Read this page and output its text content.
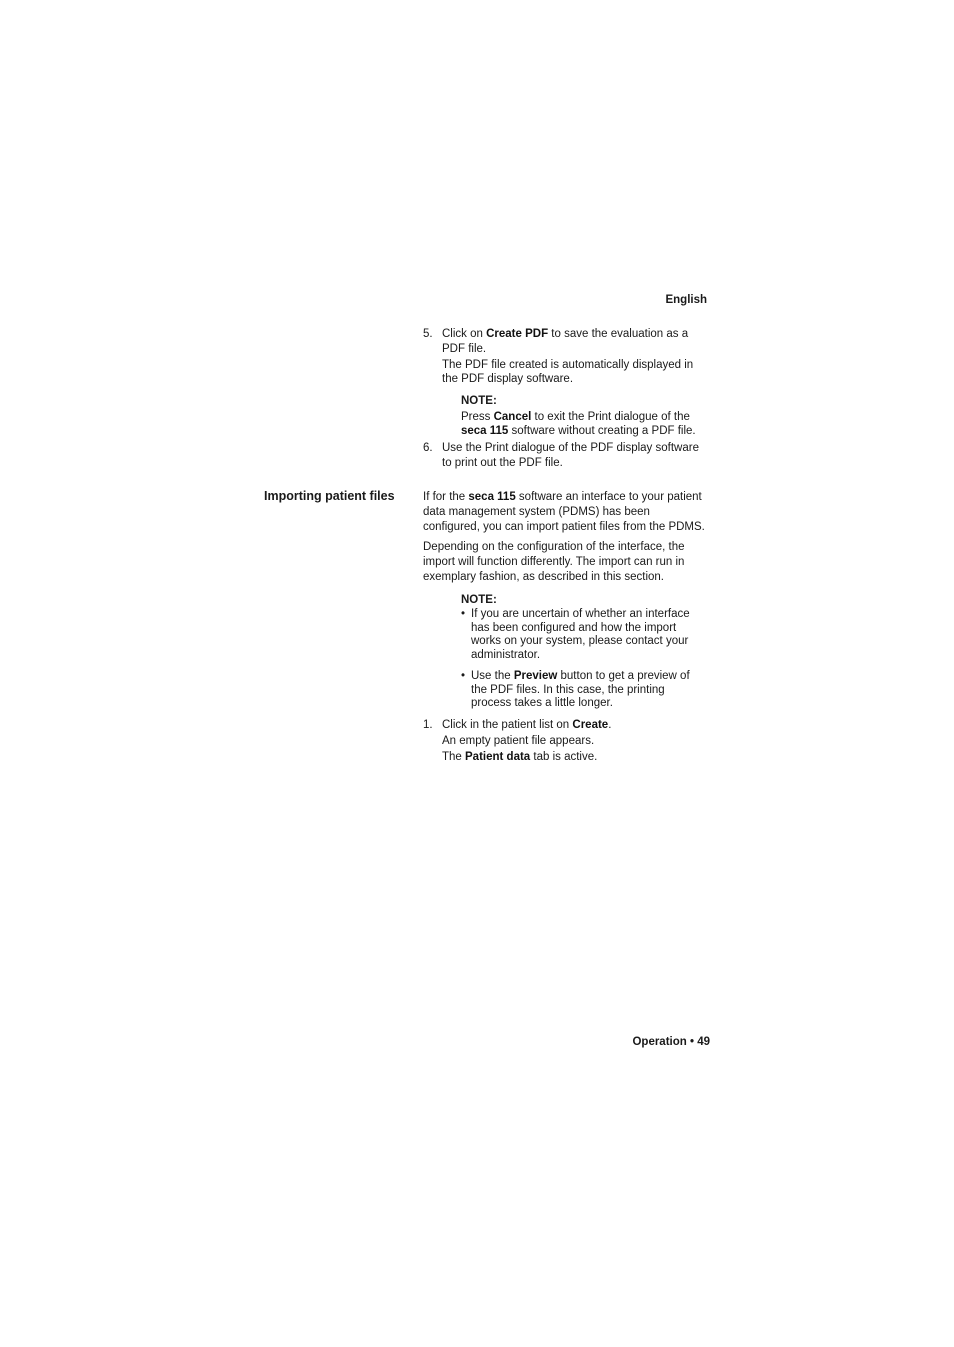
English
5. Click on Create PDF to save the evaluation as a
PDF file.
The PDF file created is automatically displayed in
the PDF display software.
NOTE:
Press Cancel to exit the Print dialogue of the
seca 115 software without creating a PDF file.
6. Use the Print dialogue of the PDF display software
to print out the PDF file.
Importing patient files If for the seca 115 software an interface to your patient
data management system (PDMS) has been
configured, you can import patient files from the PDMS.
Depending on the configuration of the interface, the
import will function differently. The import can run in
exemplary fashion, as described in this section.
NOTE:
• If you are uncertain of whether an interface
has been configured and how the import
works on your system, please contact your
administrator.
• Use the Preview button to get a preview of
the PDF files. In this case, the printing
process takes a little longer.
1. Click in the patient list on Create.
An empty patient file appears.
The Patient data tab is active.
Operation • 49
